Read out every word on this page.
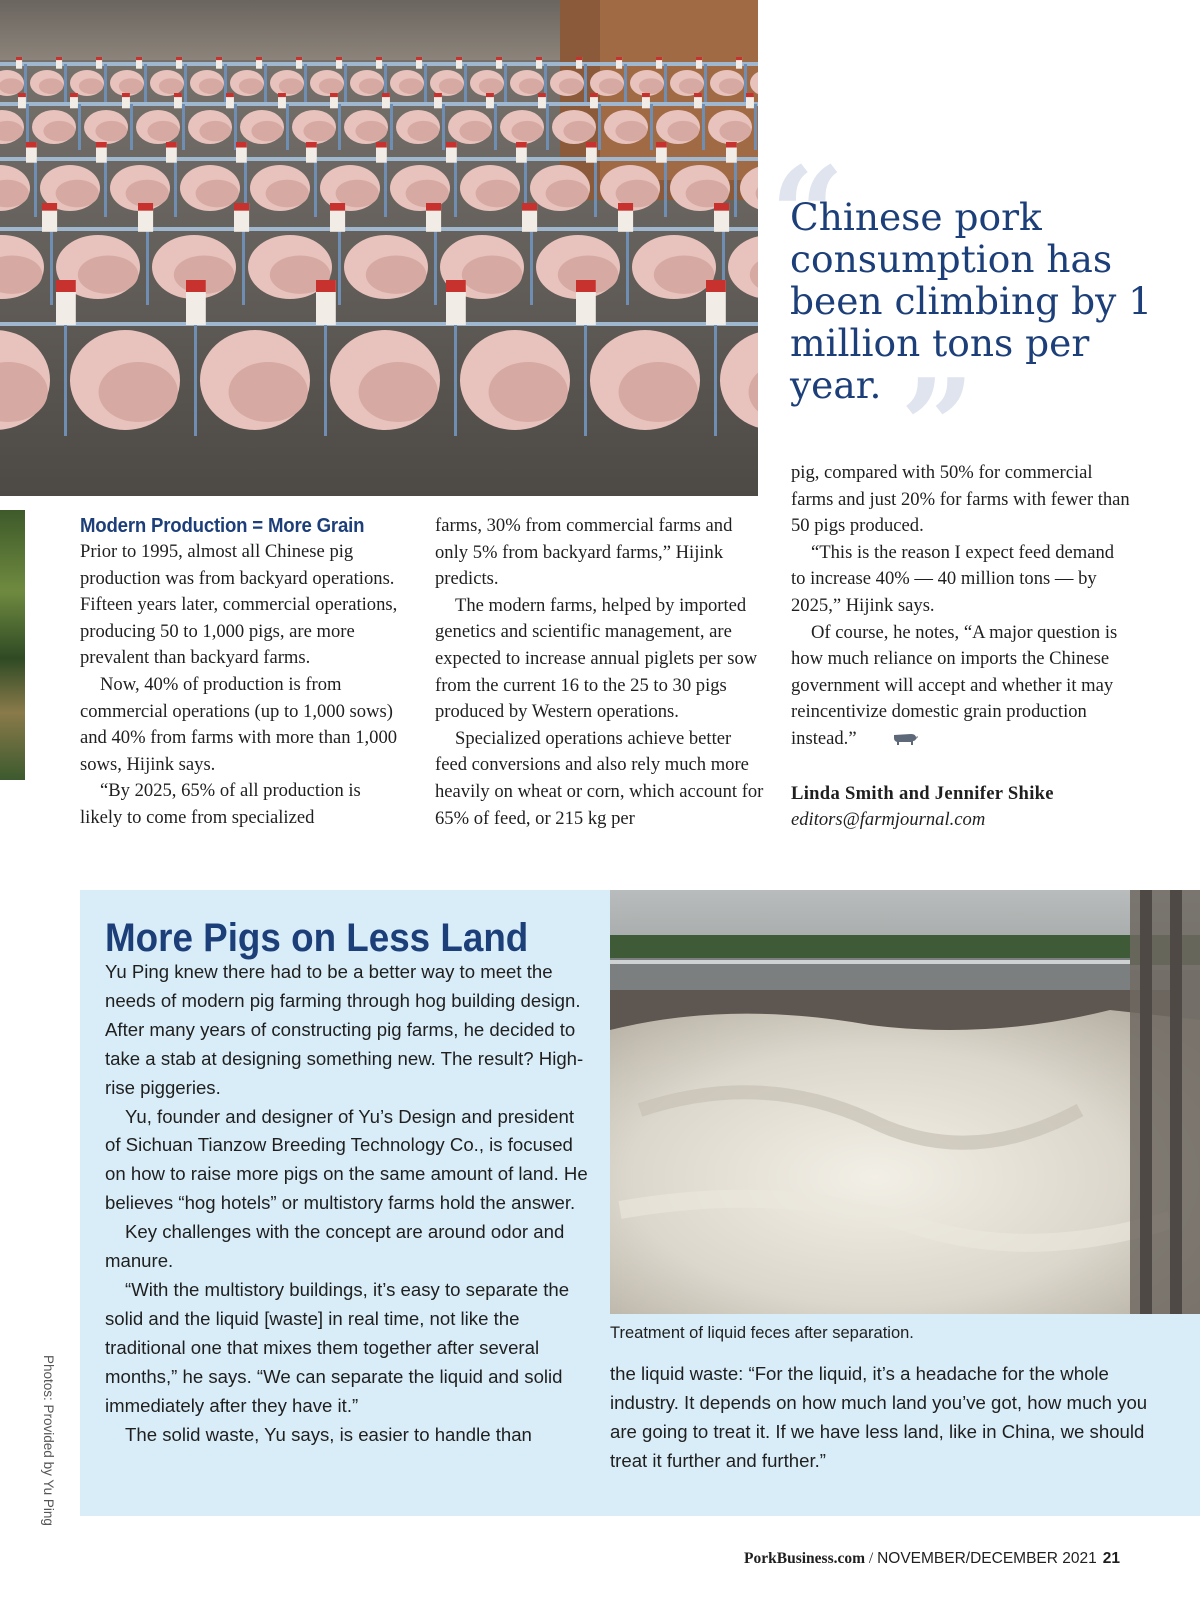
“
Chinese pork consumption has been climbing by 1 million tons per year. ”
Modern Production = More Grain

Prior to 1995, almost all Chinese pig production was from backyard operations. Fifteen years later, commercial operations, producing 50 to 1,000 pigs, are more prevalent than backyard farms.

Now, 40% of production is from commercial operations (up to 1,000 sows) and 40% from farms with more than 1,000 sows, Hijink says.

“By 2025, 65% of all production is likely to come from specialized

farms, 30% from commercial farms and only 5% from backyard farms,” Hijink predicts.

The modern farms, helped by imported genetics and scientific management, are expected to increase annual piglets per sow from the current 16 to the 25 to 30 pigs produced by Western operations.

Specialized operations achieve better feed conversions and also rely much more heavily on wheat or corn, which account for 65% of feed, or 215 kg per

pig, compared with 50% for commercial farms and just 20% for farms with fewer than 50 pigs produced.

“This is the reason I expect feed demand to increase 40% — 40 million tons — by 2025,” Hijink says.

Of course, he notes, “A major question is how much reliance on imports the Chinese government will accept and whether it may reincentivize domestic grain production instead.”

Linda Smith and Jennifer Shike
editors@farmjournal.com
More Pigs on Less Land

Yu Ping knew there had to be a better way to meet the needs of modern pig farming through hog building design. After many years of constructing pig farms, he decided to take a stab at designing something new. The result? High-rise piggeries.

Yu, founder and designer of Yu’s Design and president of Sichuan Tianzow Breeding Technology Co., is focused on how to raise more pigs on the same amount of land. He believes “hog hotels” or multistory farms hold the answer.

Key challenges with the concept are around odor and manure.

“With the multistory buildings, it’s easy to separate the solid and the liquid [waste] in real time, not like the traditional one that mixes them together after several months,” he says. “We can separate the liquid and solid immediately after they have it.”

The solid waste, Yu says, is easier to handle than

Treatment of liquid feces after separation.

the liquid waste: “For the liquid, it’s a headache for the whole industry. It depends on how much land you’ve got, how much you are going to treat it. If we have less land, like in China, we should treat it further and further.”

Photos: Provided by Yu Ping
PorkBusiness.com / NOVEMBER/DECEMBER 2021 21
